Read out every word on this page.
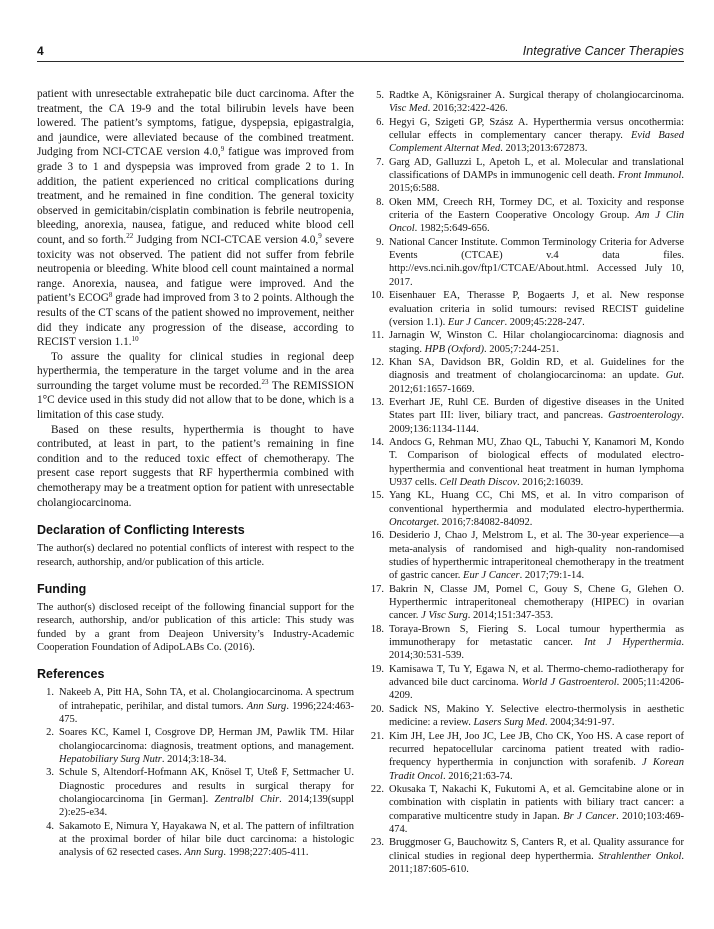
4	Integrative Cancer Therapies

patient with unresectable extrahepatic bile duct carcinoma. After the treatment, the CA 19-9 and the total bilirubin levels have been lowered. The patient’s symptoms, fatigue, dyspepsia, epigastralgia, and jaundice, were alleviated because of the combined treatment. Judging from NCI-CTCAE version 4.0,$^9$ fatigue was improved from grade 3 to 1 and dyspepsia was improved from grade 2 to 1. In addition, the patient experienced no critical complications during treatment, and he remained in fine condition. The general toxicity observed in gemicitabin/cisplatin combination is febrile neutropenia, bleeding, anorexia, nausea, fatigue, and reduced white blood cell count, and so forth.$^{22}$ Judging from NCI-CTCAE version 4.0,$^9$ severe toxicity was not observed. The patient did not suffer from febrile neutropenia or bleeding. White blood cell count maintained a normal range. Anorexia, nausea, and fatigue were improved. And the patient’s ECOG$^8$ grade had improved from 3 to 2 points. Although the results of the CT scans of the patient showed no improvement, neither did they indicate any progression of the disease, according to RECIST version 1.1.10

To assure the quality for clinical studies in regional deep hyperthermia, the temperature in the target volume and in the area surrounding the target volume must be recorded.$^{23}$ The REMISSION 1°C device used in this study did not allow that to be done, which is a limitation of this case study.

Based on these results, hyperthermia is thought to have contributed, at least in part, to the patient’s remaining in fine condition and to the reduced toxic effect of chemotherapy. The present case report suggests that RF hyperthermia combined with chemotherapy may be a treatment option for patient with unresectable cholangiocarcinoma.

Declaration of Conflicting Interests

The author(s) declared no potential conflicts of interest with respect to the research, authorship, and/or publication of this article.

Funding

The author(s) disclosed receipt of the following financial support for the research, authorship, and/or publication of this article: This study was funded by a grant from Deajeon University’s Industry-Academic Cooperation Foundation of AdipoLABs Co. (2016).

References
1. Nakeeb A, Pitt HA, Sohn TA, et al. Cholangiocarcinoma. A spectrum of intrahepatic, perihilar, and distal tumors. Ann Surg. 1996;224:463-475.
2. Soares KC, Kamel I, Cosgrove DP, Herman JM, Pawlik TM. Hilar cholangiocarcinoma: diagnosis, treatment options, and management. Hepatobiliary Surg Nutr. 2014;3:18-34.
3. Schule S, Altendorf-Hofmann AK, Knösel T, Uteß F, Settmacher U. Diagnostic procedures and results in surgical therapy for cholangiocarcinoma [in German]. Zentralbl Chir. 2014;139(suppl 2):e25-e34.
4. Sakamoto E, Nimura Y, Hayakawa N, et al. The pattern of infiltration at the proximal border of hilar bile duct carcinoma: a histologic analysis of 62 resected cases. Ann Surg. 1998;227:405-411.
5. Radtke A, Königsrainer A. Surgical therapy of cholangiocarcinoma. Visc Med. 2016;32:422-426.
6. Hegyi G, Szigeti GP, Szász A. Hyperthermia versus oncothermia: cellular effects in complementary cancer therapy. Evid Based Complement Alternat Med. 2013;2013:672873.
7. Garg AD, Galluzzi L, Apetoh L, et al. Molecular and translational classifications of DAMPs in immunogenic cell death. Front Immunol. 2015;6:588.
8. Oken MM, Creech RH, Tormey DC, et al. Toxicity and response criteria of the Eastern Cooperative Oncology Group. Am J Clin Oncol. 1982;5:649-656.
9. National Cancer Institute. Common Terminology Criteria for Adverse Events (CTCAE) v.4 data files. http://evs.nci.nih.gov/ftp1/CTCAE/About.html. Accessed July 10, 2017.
10. Eisenhauer EA, Therasse P, Bogaerts J, et al. New response evaluation criteria in solid tumours: revised RECIST guideline (version 1.1). Eur J Cancer. 2009;45:228-247.
11. Jarnagin W, Winston C. Hilar cholangiocarcinoma: diagnosis and staging. HPB (Oxford). 2005;7:244-251.
12. Khan SA, Davidson BR, Goldin RD, et al. Guidelines for the diagnosis and treatment of cholangiocarcinoma: an update. Gut. 2012;61:1657-1669.
13. Everhart JE, Ruhl CE. Burden of digestive diseases in the United States part III: liver, biliary tract, and pancreas. Gastroenterology. 2009;136:1134-1144.
14. Andocs G, Rehman MU, Zhao QL, Tabuchi Y, Kanamori M, Kondo T. Comparison of biological effects of modulated electro-hyperthermia and conventional heat treatment in human lymphoma U937 cells. Cell Death Discov. 2016;2:16039.
15. Yang KL, Huang CC, Chi MS, et al. In vitro comparison of conventional hyperthermia and modulated electro-hyperthermia. Oncotarget. 2016;7:84082-84092.
16. Desiderio J, Chao J, Melstrom L, et al. The 30-year experience—a meta-analysis of randomised and high-quality non-randomised studies of hyperthermic intraperitoneal chemotherapy in the treatment of gastric cancer. Eur J Cancer. 2017;79:1-14.
17. Bakrin N, Classe JM, Pomel C, Gouy S, Chene G, Glehen O. Hyperthermic intraperitoneal chemotherapy (HIPEC) in ovarian cancer. J Visc Surg. 2014;151:347-353.
18. Toraya-Brown S, Fiering S. Local tumour hyperthermia as immunotherapy for metastatic cancer. Int J Hyperthermia. 2014;30:531-539.
19. Kamisawa T, Tu Y, Egawa N, et al. Thermo-chemo-radiotherapy for advanced bile duct carcinoma. World J Gastroenterol. 2005;11:4206-4209.
20. Sadick NS, Makino Y. Selective electro-thermolysis in aesthetic medicine: a review. Lasers Surg Med. 2004;34:91-97.
21. Kim JH, Lee JH, Joo JC, Lee JB, Cho CK, Yoo HS. A case report of recurred hepatocellular carcinoma patient treated with radio-frequency hyperthermia in conjunction with sorafenib. J Korean Tradit Oncol. 2016;21:63-74.
22. Okusaka T, Nakachi K, Fukutomi A, et al. Gemcitabine alone or in combination with cisplatin in patients with biliary tract cancer: a comparative multicentre study in Japan. Br J Cancer. 2010;103:469-474.
23. Bruggmoser G, Bauchowitz S, Canters R, et al. Quality assurance for clinical studies in regional deep hyperthermia. Strahlenther Onkol. 2011;187:605-610.
